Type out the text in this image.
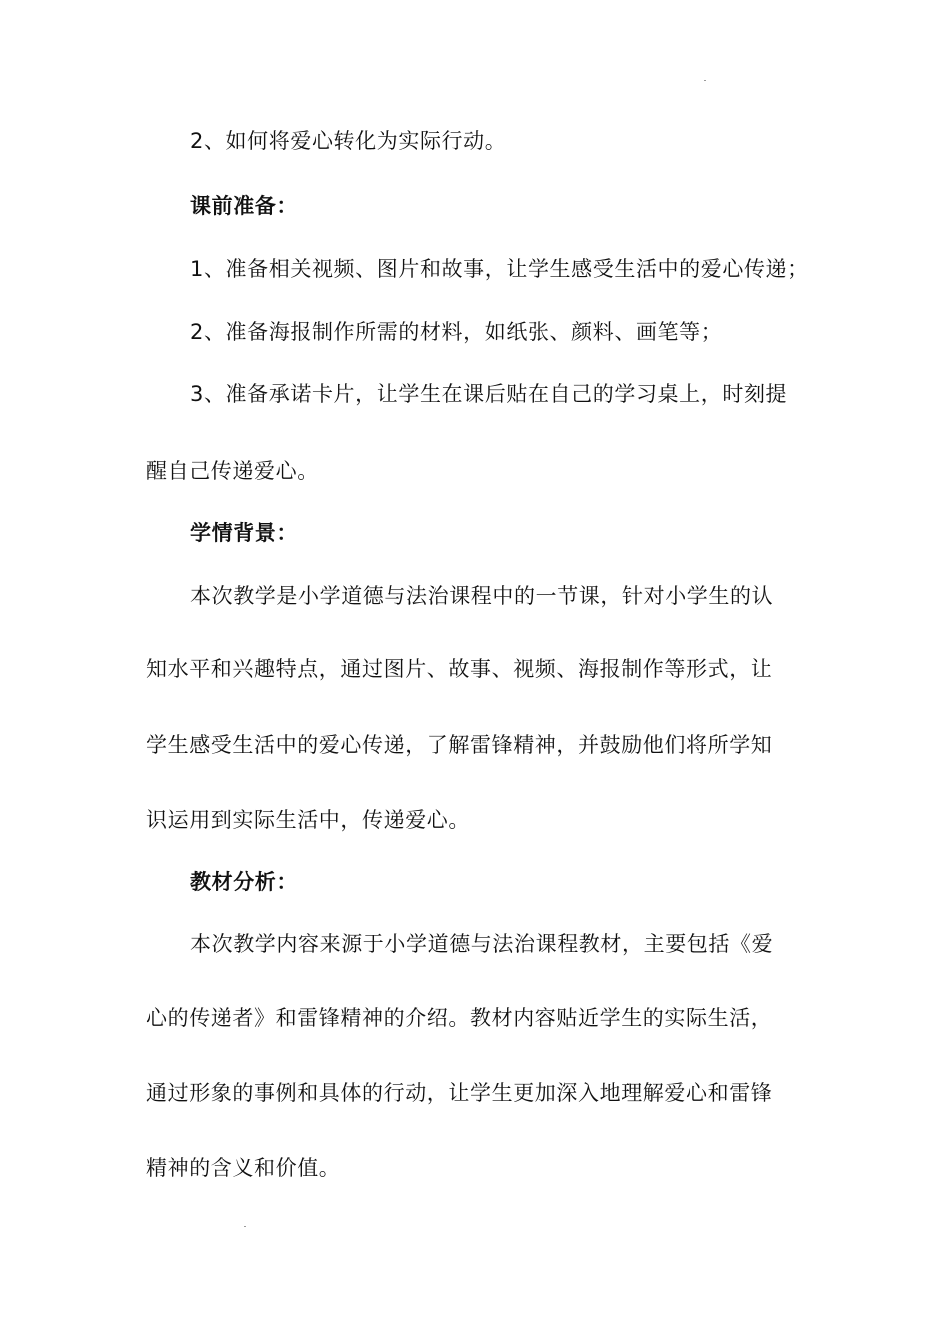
2、如何将爱心转化为实际行动。
课前准备：
1、准备相关视频、图片和故事，让学生感受生活中的爱心传递；
2、准备海报制作所需的材料，如纸张、颜料、画笔等；
3、准备承诺卡片，让学生在课后贴在自己的学习桌上，时刻提
醒自己传递爱心。
学情背景：
本次教学是小学道德与法治课程中的一节课，针对小学生的认
知水平和兴趣特点，通过图片、故事、视频、海报制作等形式，让
学生感受生活中的爱心传递，了解雷锋精神，并鼓励他们将所学知
识运用到实际生活中，传递爱心。
教材分析：
本次教学内容来源于小学道德与法治课程教材，主要包括《爱
心的传递者》和雷锋精神的介绍。教材内容贴近学生的实际生活，
通过形象的事例和具体的行动，让学生更加深入地理解爱心和雷锋
精神的含义和价值。
